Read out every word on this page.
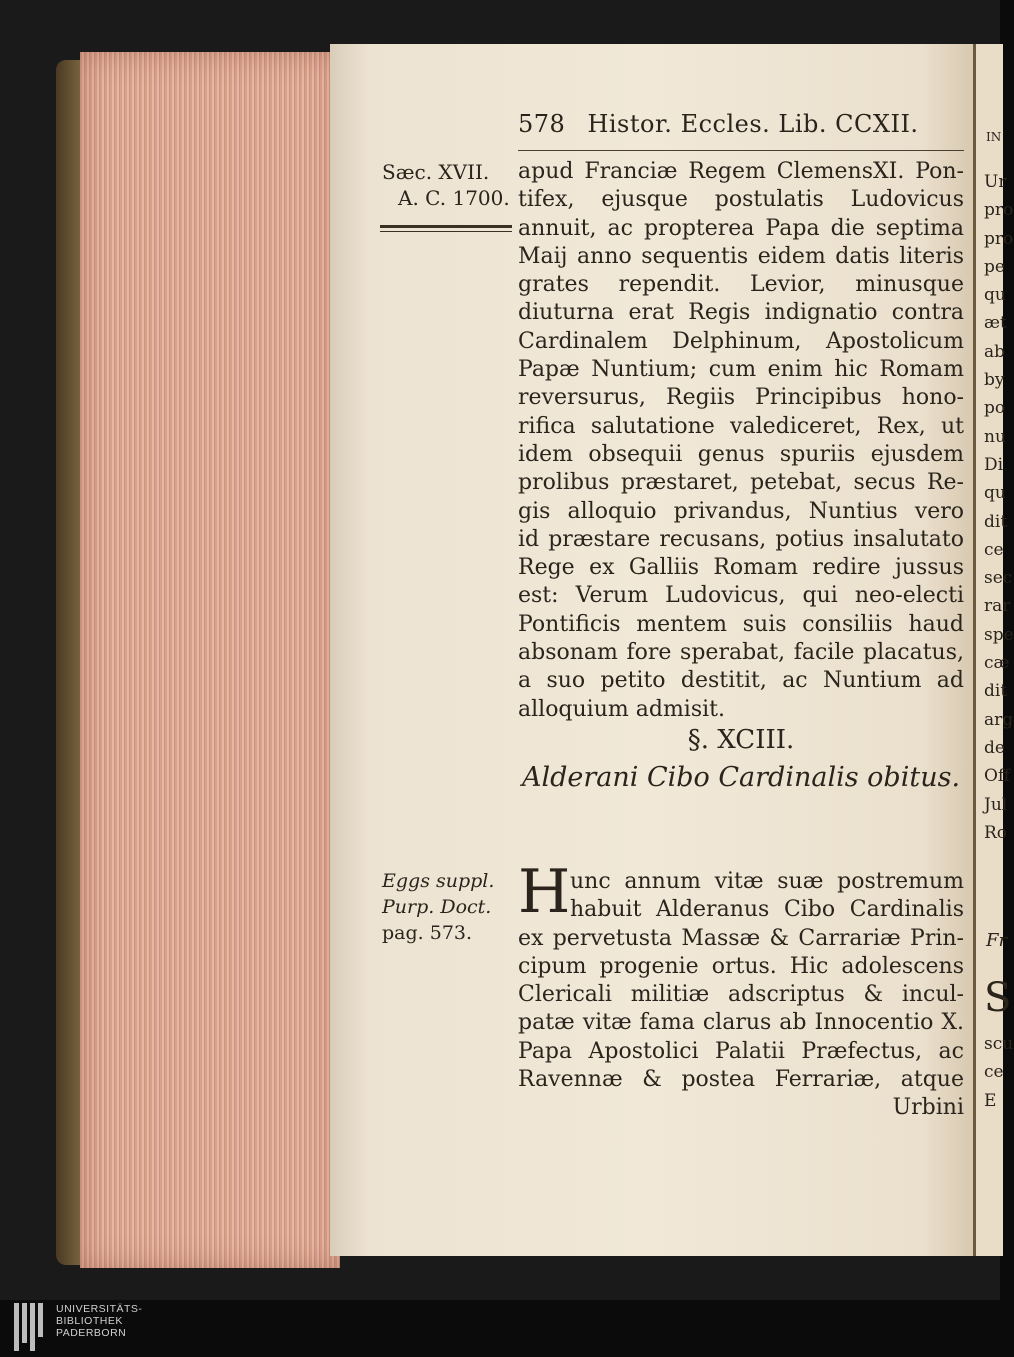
IN
Ur
pro
pro
pe
qu
æt
ab
by
po
nu
Di
qu
dit
ce
sec
rar
spe
cæ
dit
arg
de
Off
Jul
Ro
Fr
S
scu
ce
E
578 Histor. Eccles. Lib. CCXII.
Sæc. XVII.
A. C. 1700.
apud Franciæ Regem ClemensXI. Pon-
tifex, ejusque postulatis Ludovicus
annuit, ac propterea Papa die septima
Maij anno sequentis eidem datis literis
grates rependit. Levior, minusque
diuturna erat Regis indignatio contra
Cardinalem Delphinum, Apostolicum
Papæ Nuntium; cum enim hic Romam
reversurus, Regiis Principibus hono-
rifica salutatione valediceret, Rex, ut
idem obsequii genus spuriis ejusdem
prolibus præstaret, petebat, secus Re-
gis alloquio privandus, Nuntius vero
id præstare recusans, potius insalutato
Rege ex Galliis Romam redire jussus
est: Verum Ludovicus, qui neo-electi
Pontificis mentem suis consiliis haud
absonam fore sperabat, facile placatus,
a suo petito destitit, ac Nuntium ad
alloquium admisit.
§. XCIII.
Alderani Cibo Cardinalis obitus.
Eggs suppl.
Purp. Doct.
pag. 573.
H unc annum vitæ suæ postremum
habuit Alderanus Cibo Cardinalis
ex pervetusta Massæ & Carrariæ Prin-
cipum progenie ortus. Hic adolescens
Clericali militiæ adscriptus & incul-
patæ vitæ fama clarus ab Innocentio X.
Papa Apostolici Palatii Præfectus, ac
Ravennæ & postea Ferrariæ, atque
Urbini
UNIVERSITÄTS-
BIBLIOTHEK
PADERBORN
